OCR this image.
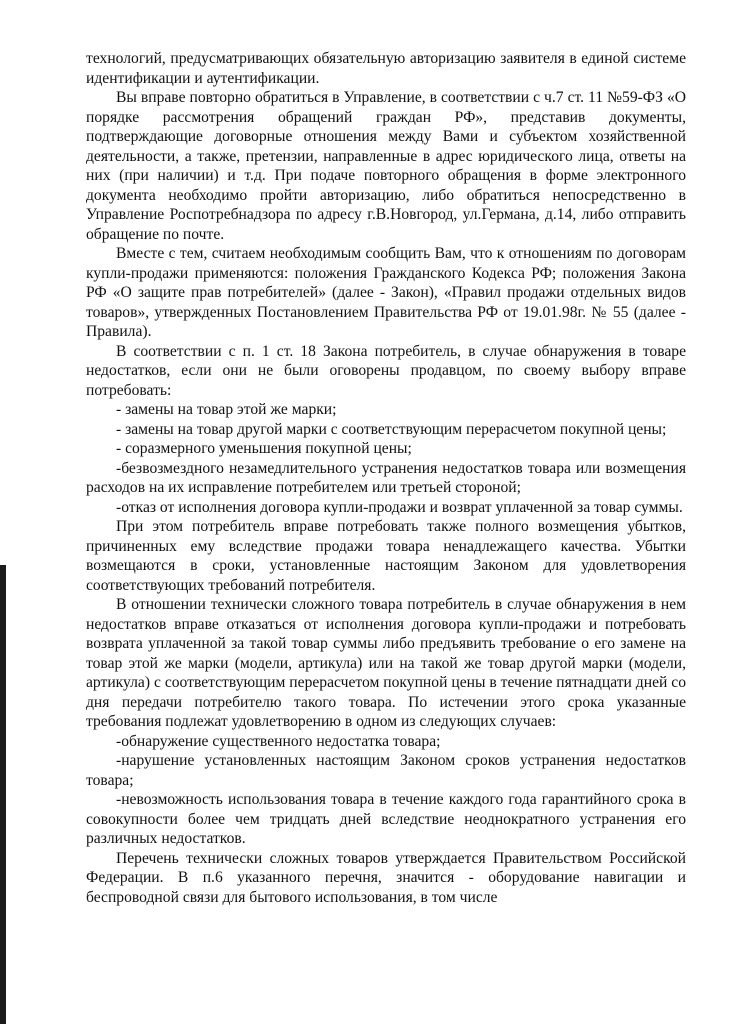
технологий, предусматривающих обязательную авторизацию заявителя в единой системе идентификации и аутентификации.

Вы вправе повторно обратиться в Управление, в соответствии с ч.7 ст. 11 №59-ФЗ «О порядке рассмотрения обращений граждан РФ», представив документы, подтверждающие договорные отношения между Вами и субъектом хозяйственной деятельности, а также, претензии, направленные в адрес юридического лица, ответы на них (при наличии) и т.д. При подаче повторного обращения в форме электронного документа необходимо пройти авторизацию, либо обратиться непосредственно в Управление Роспотребнадзора по адресу г.В.Новгород, ул.Германа, д.14, либо отправить обращение по почте.

Вместе с тем, считаем необходимым сообщить Вам, что к отношениям по договорам купли-продажи применяются: положения Гражданского Кодекса РФ; положения Закона РФ «О защите прав потребителей» (далее - Закон), «Правил продажи отдельных видов товаров», утвержденных Постановлением Правительства РФ от 19.01.98г. № 55 (далее - Правила).

В соответствии с п. 1 ст. 18 Закона потребитель, в случае обнаружения в товаре недостатков, если они не были оговорены продавцом, по своему выбору вправе потребовать:

- замены на товар этой же марки;

- замены на товар другой марки с соответствующим перерасчетом покупной цены;

- соразмерного уменьшения покупной цены;

-безвозмездного незамедлительного устранения недостатков товара или возмещения расходов на их исправление потребителем или третьей стороной;

-отказ от исполнения договора купли-продажи и возврат уплаченной за товар суммы.

При этом потребитель вправе потребовать также полного возмещения убытков, причиненных ему вследствие продажи товара ненадлежащего качества. Убытки возмещаются в сроки, установленные настоящим Законом для удовлетворения соответствующих требований потребителя.

В отношении технически сложного товара потребитель в случае обнаружения в нем недостатков вправе отказаться от исполнения договора купли-продажи и потребовать возврата уплаченной за такой товар суммы либо предъявить требование о его замене на товар этой же марки (модели, артикула) или на такой же товар другой марки (модели, артикула) с соответствующим перерасчетом покупной цены в течение пятнадцати дней со дня передачи потребителю такого товара. По истечении этого срока указанные требования подлежат удовлетворению в одном из следующих случаев:

-обнаружение существенного недостатка товара;

-нарушение установленных настоящим Законом сроков устранения недостатков товара;

-невозможность использования товара в течение каждого года гарантийного срока в совокупности более чем тридцать дней вследствие неоднократного устранения его различных недостатков.

Перечень технически сложных товаров утверждается Правительством Российской Федерации. В п.6 указанного перечня, значится - оборудование навигации и беспроводной связи для бытового использования, в том числе
